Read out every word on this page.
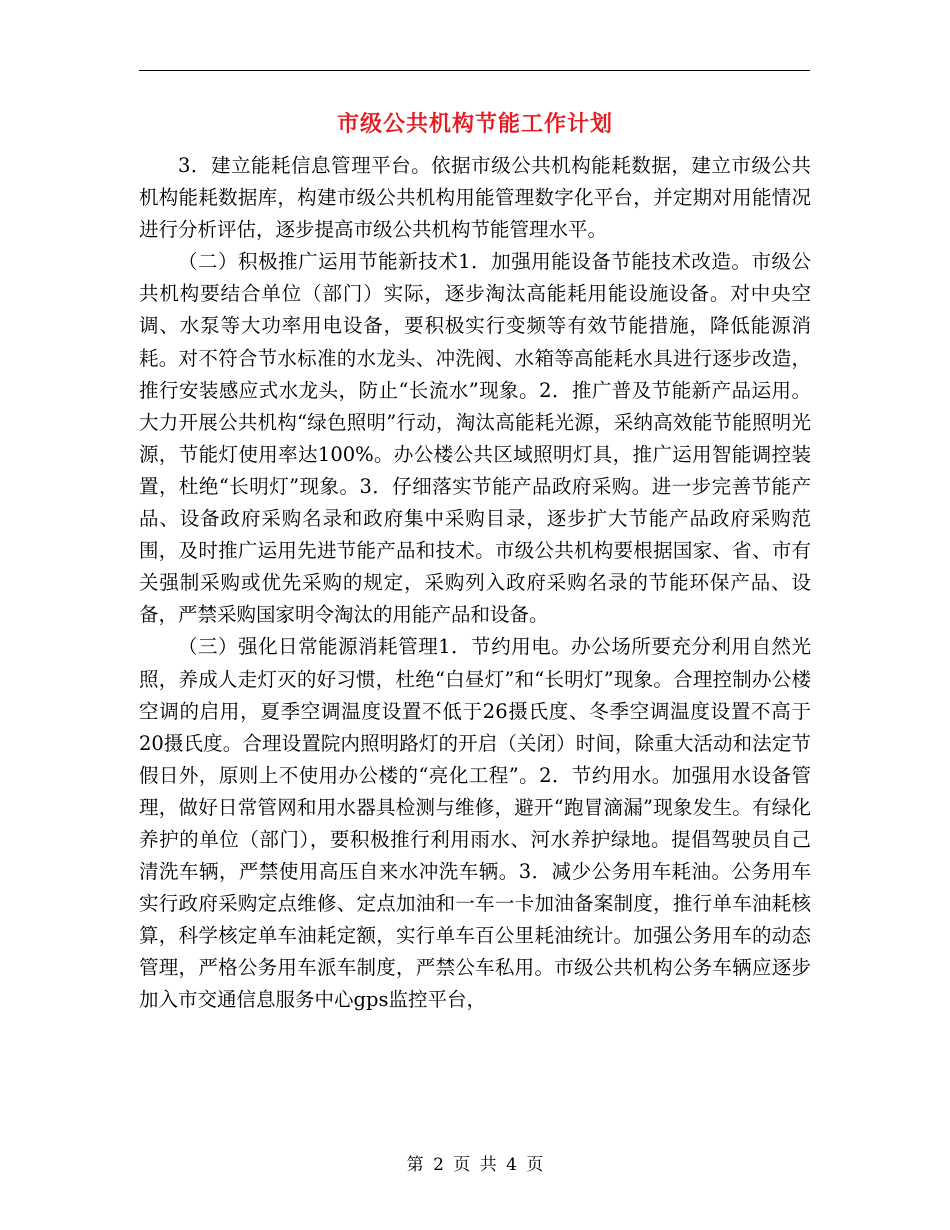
市级公共机构节能工作计划

3．建立能耗信息管理平台。依据市级公共机构能耗数据，建立市级公共机构能耗数据库，构建市级公共机构用能管理数字化平台，并定期对用能情况进行分析评估，逐步提高市级公共机构节能管理水平。

（二）积极推广运用节能新技术1．加强用能设备节能技术改造。市级公共机构要结合单位（部门）实际，逐步淘汰高能耗用能设施设备。对中央空调、水泵等大功率用电设备，要积极实行变频等有效节能措施，降低能源消耗。对不符合节水标准的水龙头、冲洗阀、水箱等高能耗水具进行逐步改造，推行安装感应式水龙头，防止“长流水”现象。2．推广普及节能新产品运用。大力开展公共机构“绿色照明”行动，淘汰高能耗光源，采纳高效能节能照明光源，节能灯使用率达100%。办公楼公共区域照明灯具，推广运用智能调控装置，杜绝“长明灯”现象。3．仔细落实节能产品政府采购。进一步完善节能产品、设备政府采购名录和政府集中采购目录，逐步扩大节能产品政府采购范围，及时推广运用先进节能产品和技术。市级公共机构要根据国家、省、市有关强制采购或优先采购的规定，采购列入政府采购名录的节能环保产品、设备，严禁采购国家明令淘汰的用能产品和设备。

（三）强化日常能源消耗管理1．节约用电。办公场所要充分利用自然光照，养成人走灯灭的好习惯，杜绝“白昼灯”和“长明灯”现象。合理控制办公楼空调的启用，夏季空调温度设置不低于26摄氏度、冬季空调温度设置不高于20摄氏度。合理设置院内照明路灯的开启（关闭）时间，除重大活动和法定节假日外，原则上不使用办公楼的“亮化工程”。2．节约用水。加强用水设备管理，做好日常管网和用水器具检测与维修，避开“跑冒滴漏”现象发生。有绿化养护的单位（部门），要积极推行利用雨水、河水养护绿地。提倡驾驶员自己清洗车辆，严禁使用高压自来水冲洗车辆。3．减少公务用车耗油。公务用车实行政府采购定点维修、定点加油和一车一卡加油备案制度，推行单车油耗核算，科学核定单车油耗定额，实行单车百公里耗油统计。加强公务用车的动态管理，严格公务用车派车制度，严禁公车私用。市级公共机构公务车辆应逐步加入市交通信息服务中心gps监控平台，

第 2 页 共 4 页
